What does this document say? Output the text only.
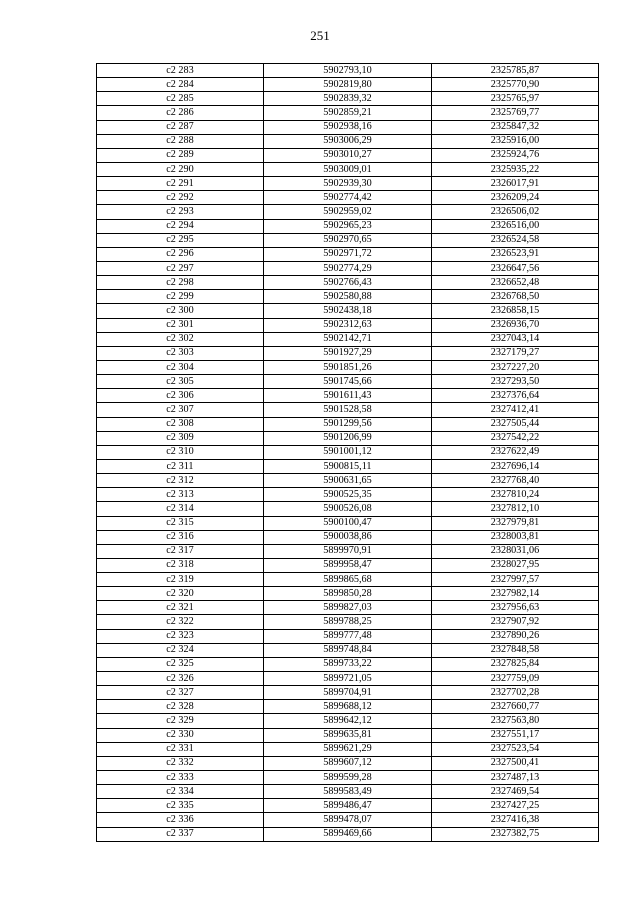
251
с2 283	5902793,10	2325785,87
с2 284	5902819,80	2325770,90
с2 285	5902839,32	2325765,97
с2 286	5902859,21	2325769,77
с2 287	5902938,16	2325847,32
с2 288	5903006,29	2325916,00
с2 289	5903010,27	2325924,76
с2 290	5903009,01	2325935,22
с2 291	5902939,30	2326017,91
с2 292	5902774,42	2326209,24
с2 293	5902959,02	2326506,02
с2 294	5902965,23	2326516,00
с2 295	5902970,65	2326524,58
с2 296	5902971,72	2326523,91
с2 297	5902774,29	2326647,56
с2 298	5902766,43	2326652,48
с2 299	5902580,88	2326768,50
с2 300	5902438,18	2326858,15
с2 301	5902312,63	2326936,70
с2 302	5902142,71	2327043,14
с2 303	5901927,29	2327179,27
с2 304	5901851,26	2327227,20
с2 305	5901745,66	2327293,50
с2 306	5901611,43	2327376,64
с2 307	5901528,58	2327412,41
с2 308	5901299,56	2327505,44
с2 309	5901206,99	2327542,22
с2 310	5901001,12	2327622,49
с2 311	5900815,11	2327696,14
с2 312	5900631,65	2327768,40
с2 313	5900525,35	2327810,24
с2 314	5900526,08	2327812,10
с2 315	5900100,47	2327979,81
с2 316	5900038,86	2328003,81
с2 317	5899970,91	2328031,06
с2 318	5899958,47	2328027,95
с2 319	5899865,68	2327997,57
с2 320	5899850,28	2327982,14
с2 321	5899827,03	2327956,63
с2 322	5899788,25	2327907,92
с2 323	5899777,48	2327890,26
с2 324	5899748,84	2327848,58
с2 325	5899733,22	2327825,84
с2 326	5899721,05	2327759,09
с2 327	5899704,91	2327702,28
с2 328	5899688,12	2327660,77
с2 329	5899642,12	2327563,80
с2 330	5899635,81	2327551,17
с2 331	5899621,29	2327523,54
с2 332	5899607,12	2327500,41
с2 333	5899599,28	2327487,13
с2 334	5899583,49	2327469,54
с2 335	5899486,47	2327427,25
с2 336	5899478,07	2327416,38
с2 337	5899469,66	2327382,75
